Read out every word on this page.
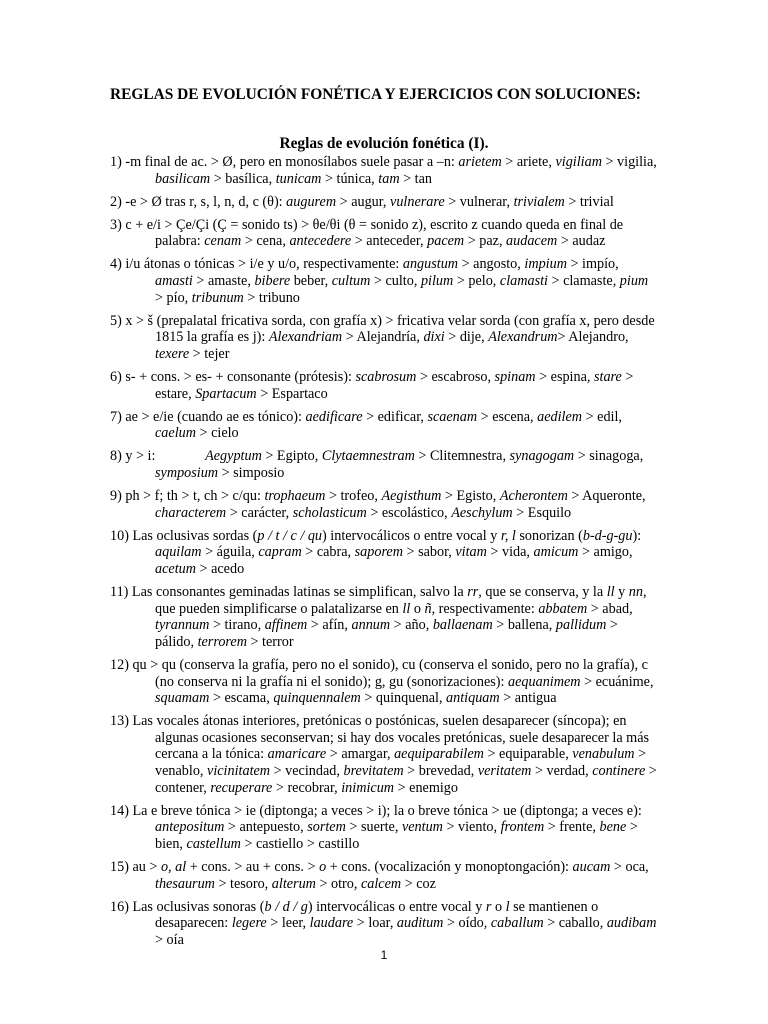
REGLAS DE EVOLUCIÓN FONÉTICA Y EJERCICIOS CON SOLUCIONES:
Reglas de evolución fonética (I).

1) -m final de ac. > Ø, pero en monosílabos suele pasar a –n: arietem > ariete, vigiliam > vigilia, basilicam > basílica, tunicam > túnica, tam > tan

2) -e > Ø tras r, s, l, n, d, c (θ): augurem > augur, vulnerare > vulnerar, trivialem > trivial

3) c + e/i > Çe/Çi (Ç = sonido ts) > θe/θi (θ = sonido z), escrito z cuando queda en final de palabra: cenam > cena, antecedere > anteceder, pacem > paz, audacem > audaz

4) i/u átonas o tónicas > i/e y u/o, respectivamente: angustum > angosto, impium > impío, amasti > amaste, bibere beber, cultum > culto, pilum > pelo, clamasti > clamaste, pium > pío, tribunum > tribuno

5) x > š (prepalatal fricativa sorda, con grafía x) > fricativa velar sorda (con grafía x, pero desde 1815 la grafía es j): Alexandriam > Alejandría, dixi > dije, Alexandrum> Alejandro, texere > tejer

6) s- + cons. > es- + consonante (prótesis): scabrosum > escabroso, spinam > espina, stare > estare, Spartacum > Espartaco

7) ae > e/ie (cuando ae es tónico): aedificare > edificar, scaenam > escena, aedilem > edil, caelum > cielo

8) y > i:    Aegyptum > Egipto, Clytaemnestram > Clitemnestra, synagogam > sinagoga, symposium > simposio

9) ph > f; th > t, ch > c/qu: trophaeum > trofeo, Aegisthum > Egisto, Acherontem > Aqueronte, characterem > carácter, scholasticum > escolástico, Aeschylum > Esquilo

10) Las oclusivas sordas (p / t / c / qu) intervocálicos o entre vocal y r, l sonorizan (b-d-g-gu): aquilam > águila, capram > cabra, saporem > sabor, vitam > vida, amicum > amigo, acetum > acedo

11) Las consonantes geminadas latinas se simplifican, salvo la rr, que se conserva, y la ll y nn, que pueden simplificarse o palatalizarse en ll o ñ, respectivamente: abbatem > abad, tyrannum > tirano, affinem > afín, annum > año, ballaenam > ballena, pallidum > pálido, terrorem > terror

12) qu > qu (conserva la grafía, pero no el sonido), cu (conserva el sonido, pero no la grafía), c (no conserva ni la grafía ni el sonido); g, gu (sonorizaciones): aequanimem > ecuánime, squamam > escama, quinquennalem > quinquenal, antiquam > antigua

13) Las vocales átonas interiores, pretónicas o postónicas, suelen desaparecer (síncopa); en algunas ocasiones seconservan; si hay dos vocales pretónicas, suele desaparecer la más cercana a la tónica: amaricare > amargar, aequiparabilem > equiparable, venabulum > venablo, vicinitatem > vecindad, brevitatem > brevedad, veritatem > verdad, continere > contener, recuperare > recobrar, inimicum > enemigo

14) La e breve tónica > ie (diptonga; a veces > i); la o breve tónica > ue (diptonga; a veces e): antepositum > antepuesto, sortem > suerte, ventum > viento, frontem > frente, bene > bien, castellum > castiello > castillo

15) au > o, al + cons. > au + cons. > o + cons. (vocalización y monoptongación): aucam > oca, thesaurum > tesoro, alterum > otro, calcem > coz

16) Las oclusivas sonoras (b / d / g) intervocálicas o entre vocal y r o l se mantienen o desaparecen: legere > leer, laudare > loar, auditum > oído, caballum > caballo, audibam > oía

1
